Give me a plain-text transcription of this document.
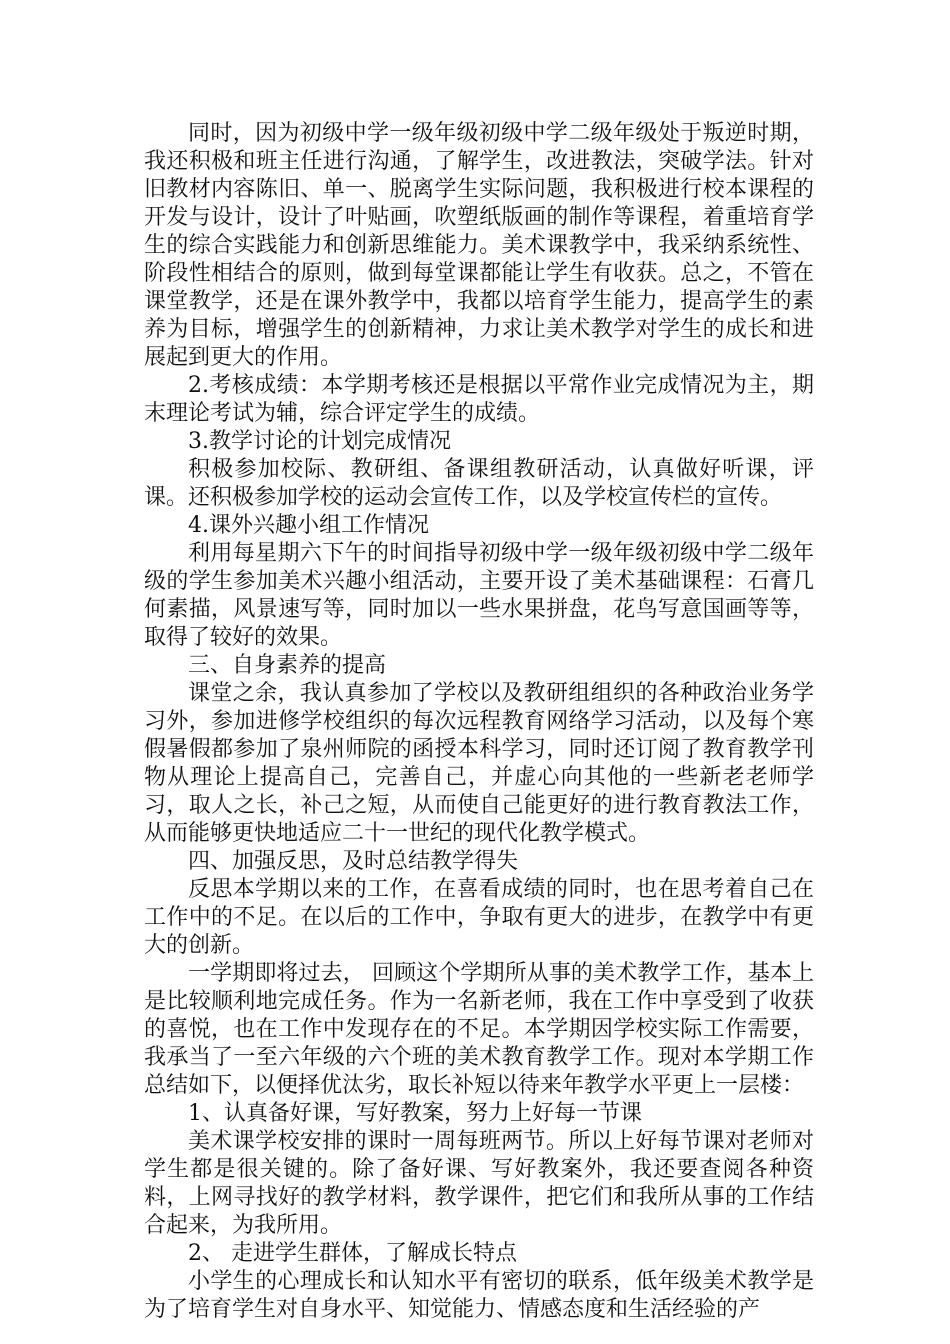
同时，因为初级中学一级年级初级中学二级年级处于叛逆时期，我还积极和班主任进行沟通，了解学生，改进教法，突破学法。针对旧教材内容陈旧、单一、脱离学生实际问题，我积极进行校本课程的开发与设计，设计了叶贴画，吹塑纸版画的制作等课程，着重培育学生的综合实践能力和创新思维能力。美术课教学中，我采纳系统性、阶段性相结合的原则，做到每堂课都能让学生有收获。总之，不管在课堂教学，还是在课外教学中，我都以培育学生能力，提高学生的素养为目标，增强学生的创新精神，力求让美术教学对学生的成长和进展起到更大的作用。

2.考核成绩：本学期考核还是根据以平常作业完成情况为主，期末理论考试为辅，综合评定学生的成绩。

3.教学讨论的计划完成情况

积极参加校际、教研组、备课组教研活动，认真做好听课，评课。还积极参加学校的运动会宣传工作，以及学校宣传栏的宣传。

4.课外兴趣小组工作情况

利用每星期六下午的时间指导初级中学一级年级初级中学二级年级的学生参加美术兴趣小组活动，主要开设了美术基础课程：石膏几何素描，风景速写等，同时加以一些水果拼盘，花鸟写意国画等等，取得了较好的效果。

三、自身素养的提高

课堂之余，我认真参加了学校以及教研组组织的各种政治业务学习外，参加进修学校组织的每次远程教育网络学习活动，以及每个寒假暑假都参加了泉州师院的函授本科学习，同时还订阅了教育教学刊物从理论上提高自己，完善自己，并虚心向其他的一些新老老师学习，取人之长，补己之短，从而使自己能更好的进行教育教法工作，从而能够更快地适应二十一世纪的现代化教学模式。

四、加强反思，及时总结教学得失

反思本学期以来的工作，在喜看成绩的同时，也在思考着自己在工作中的不足。在以后的工作中，争取有更大的进步，在教学中有更大的创新。

一学期即将过去， 回顾这个学期所从事的美术教学工作，基本上是比较顺利地完成任务。作为一名新老师，我在工作中享受到了收获的喜悦，也在工作中发现存在的不足。本学期因学校实际工作需要，我承当了一至六年级的六个班的美术教育教学工作。现对本学期工作总结如下，以便择优汰劣，取长补短以待来年教学水平更上一层楼：

1、认真备好课，写好教案，努力上好每一节课

美术课学校安排的课时一周每班两节。所以上好每节课对老师对学生都是很关键的。除了备好课、写好教案外，我还要查阅各种资料，上网寻找好的教学材料，教学课件，把它们和我所从事的工作结合起来，为我所用。

2、 走进学生群体，了解成长特点

小学生的心理成长和认知水平有密切的联系，低年级美术教学是为了培育学生对自身水平、知觉能力、情感态度和生活经验的产
